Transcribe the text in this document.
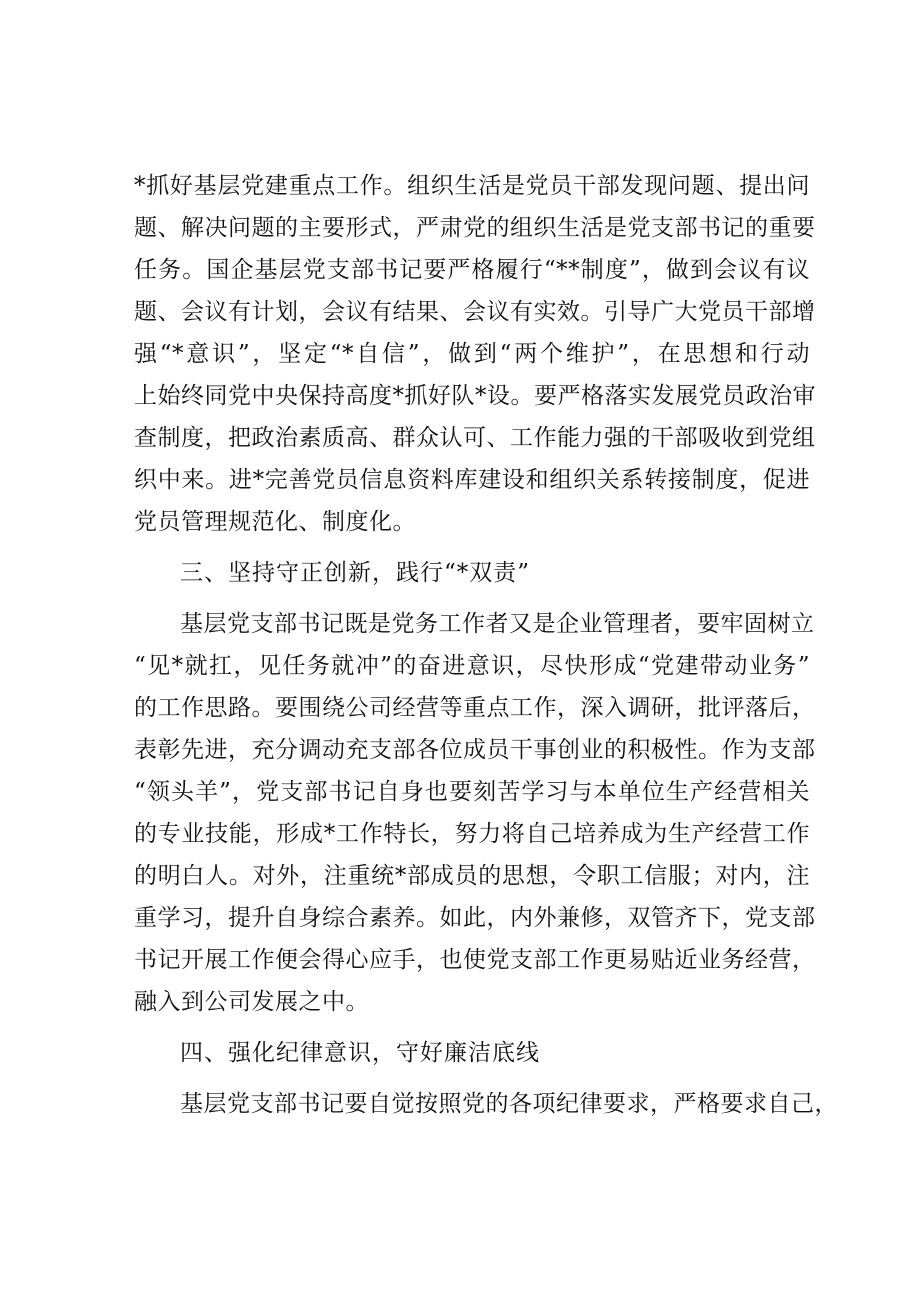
*抓好基层党建重点工作。组织生活是党员干部发现问题、提出问
题、解决问题的主要形式，严肃党的组织生活是党支部书记的重要
任务。国企基层党支部书记要严格履行“**制度”，做到会议有议
题、会议有计划，会议有结果、会议有实效。引导广大党员干部增
强“*意识”，坚定“*自信”，做到“两个维护”，在思想和行动
上始终同党中央保持高度*抓好队*设。要严格落实发展党员政治审
查制度，把政治素质高、群众认可、工作能力强的干部吸收到党组
织中来。进*完善党员信息资料库建设和组织关系转接制度，促进
党员管理规范化、制度化。
三、坚持守正创新，践行“*双责”
基层党支部书记既是党务工作者又是企业管理者，要牢固树立
“见*就扛，见任务就冲”的奋进意识，尽快形成“党建带动业务”
的工作思路。要围绕公司经营等重点工作，深入调研，批评落后，
表彰先进，充分调动充支部各位成员干事创业的积极性。作为支部
“领头羊”，党支部书记自身也要刻苦学习与本单位生产经营相关
的专业技能，形成*工作特长，努力将自己培养成为生产经营工作
的明白人。对外，注重统*部成员的思想，令职工信服；对内，注
重学习，提升自身综合素养。如此，内外兼修，双管齐下，党支部
书记开展工作便会得心应手，也使党支部工作更易贴近业务经营，
融入到公司发展之中。
四、强化纪律意识，守好廉洁底线
基层党支部书记要自觉按照党的各项纪律要求，严格要求自己，
